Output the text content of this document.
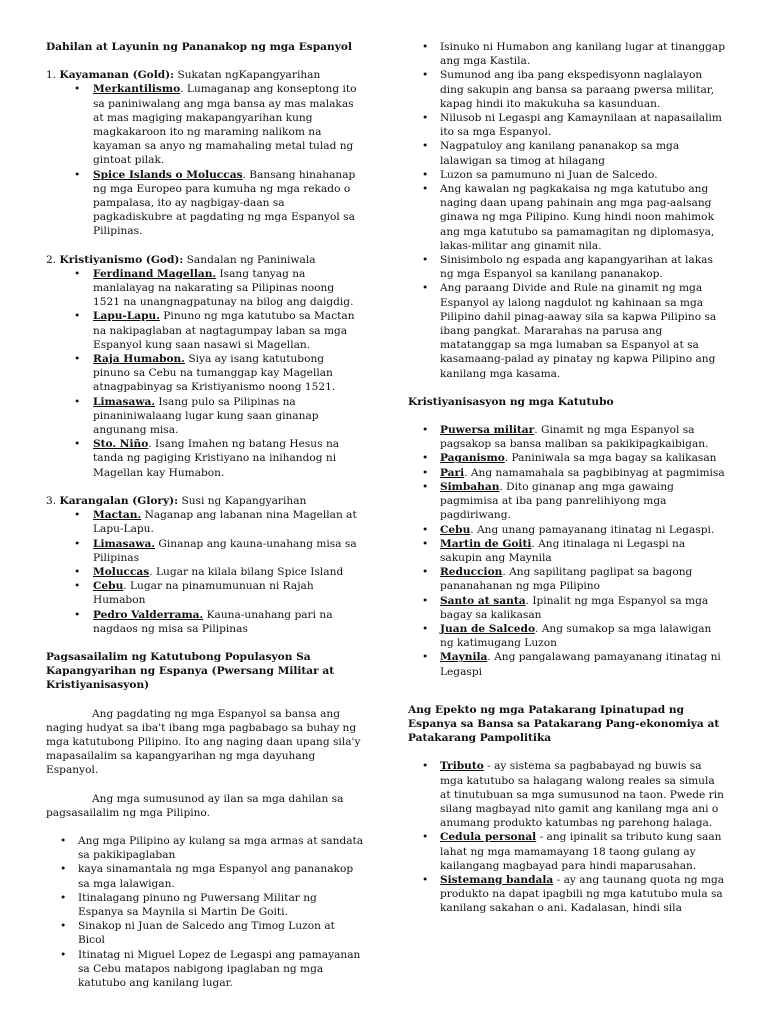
Dahilan at Layunin ng Pananakop ng mga Espanyol

1. Kayamanan (Gold): Sukatan ngKapangyarihan

• Merkantilismo. Lumaganap ang konseptong ito sa paniniwalang ang mga bansa ay mas malakas at mas magiging makapangyarihan kung magkakaroon ito ng maraming nalikom na kayaman sa anyo ng mamahaling metal tulad ng gintoat pilak.
• Spice Islands o Moluccas. Bansang hinahanap ng mga Europeo para kumuha ng mga rekado o pampalasa, ito ay nagbigay-daan sa pagkadiskubre at pagdating ng mga Espanyol sa Pilipinas.

2. Kristiyanismo (God): Sandalan ng Paniniwala

• Ferdinand Magellan. Isang tanyag na manlalayag na nakarating sa Pilipinas noong 1521 na unangnagpatunay na bilog ang daigdig.
• Lapu-Lapu. Pinuno ng mga katutubo sa Mactan na nakipaglaban at nagtagumpay laban sa mga Espanyol kung saan nasawi si Magellan.
• Raja Humabon. Siya ay isang katutubong pinuno sa Cebu na tumanggap kay Magellan atnagpabinyag sa Kristiyanismo noong 1521.
• Limasawa. Isang pulo sa Pilipinas na pinaniniwalaang lugar kung saan ginanap angunang misa.
• Sto. Niño. Isang Imahen ng batang Hesus na tanda ng pagiging Kristiyano na inihandog ni Magellan kay Humabon.

3. Karangalan (Glory): Susi ng Kapangyarihan

• Mactan. Naganap ang labanan nina Magellan at Lapu-Lapu.
• Limasawa. Ginanap ang kauna-unahang misa sa Pilipinas
• Moluccas. Lugar na kilala bilang Spice Island
• Cebu. Lugar na pinamumunuan ni Rajah Humabon
• Pedro Valderrama. Kauna-unahang pari na nagdaos ng misa sa Pilipinas

Pagsasailalim ng Katutubong Populasyon Sa Kapangyarihan ng Espanya (Pwersang Militar at Kristiyanisasyon)

Ang pagdating ng mga Espanyol sa bansa ang naging hudyat sa iba't ibang mga pagbabago sa buhay ng mga katutubong Pilipino. Ito ang naging daan upang sila'y mapasailalim sa kapangyarihan ng mga dayuhang Espanyol.

Ang mga sumusunod ay ilan sa mga dahilan sa pagsasailalim ng mga Pilipino.

• Ang mga Pilipino ay kulang sa mga armas at sandata sa pakikipaglaban
• kaya sinamantala ng mga Espanyol ang pananakop sa mga lalawigan.
• Itinalagang pinuno ng Puwersang Militar ng Espanya sa Maynila si Martin De Goiti.
• Sinakop ni Juan de Salcedo ang Timog Luzon at Bicol
• Itinatag ni Miguel Lopez de Legaspi ang pamayanan sa Cebu matapos nabigong ipaglaban ng mga katutubo ang kanilang lugar.
• Isinuko ni Humabon ang kanilang lugar at tinanggap ang mga Kastila.
• Sumunod ang iba pang ekspedisyonn naglalayon ding sakupin ang bansa sa paraang pwersa militar, kapag hindi ito makukuha sa kasunduan.
• Nilusob ni Legaspi ang Kamaynilaan at napasailalim ito sa mga Espanyol.
• Nagpatuloy ang kanilang pananakop sa mga lalawigan sa timog at hilagang
• Luzon sa pamumuno ni Juan de Salcedo.
• Ang kawalan ng pagkakaisa ng mga katutubo ang naging daan upang pahinain ang mga pag-aalsang ginawa ng mga Pilipino. Kung hindi noon mahimok ang mga katutubo sa pamamagitan ng diplomasya, lakas-militar ang ginamit nila.
• Sinisimbolo ng espada ang kapangyarihan at lakas ng mga Espanyol sa kanilang pananakop.
• Ang paraang Divide and Rule na ginamit ng mga Espanyol ay lalong nagdulot ng kahinaan sa mga Pilipino dahil pinag-aaway sila sa kapwa Pilipino sa ibang pangkat. Mararahas na parusa ang matatanggap sa mga lumaban sa Espanyol at sa kasamaang-palad ay pinatay ng kapwa Pilipino ang kanilang mga kasama.

Kristiyanisasyon ng mga Katutubo

• Puwersa militar. Ginamit ng mga Espanyol sa pagsakop sa bansa maliban sa pakikipagkaibigan.
• Paganismo. Paniniwala sa mga bagay sa kalikasan
• Pari. Ang namamahala sa pagbibinyag at pagmimisa
• Simbahan. Dito ginanap ang mga gawaing pagmimisa at iba pang panrelihiyong mga pagdiriwang.
• Cebu. Ang unang pamayanang itinatag ni Legaspi.
• Martin de Goiti. Ang itinalaga ni Legaspi na sakupin ang Maynila
• Reduccion. Ang sapilitang paglipat sa bagong pananahanan ng mga Pilipino
• Santo at santa. Ipinalit ng mga Espanyol sa mga bagay sa kalikasan
• Juan de Salcedo. Ang sumakop sa mga lalawigan ng katimugang Luzon
• Maynila. Ang pangalawang pamayanang itinatag ni Legaspi

Ang Epekto ng mga Patakarang Ipinatupad ng Espanya sa Bansa sa Patakarang Pang-ekonomiya at Patakarang Pampolitika

• Tributo - ay sistema sa pagbabayad ng buwis sa mga katutubo sa halagang walong reales sa simula at tinutubuan sa mga sumusunod na taon. Pwede rin silang magbayad nito gamit ang kanilang mga ani o anumang produkto katumbas ng parehong halaga.
• Cedula personal - ang ipinalit sa tributo kung saan lahat ng mga mamamayang 18 taong gulang ay kailangang magbayad para hindi maparusahan.
• Sistemang bandala - ay ang taunang quota ng mga produkto na dapat ipagbili ng mga katutubo mula sa kanilang sakahan o ani. Kadalasan, hindi sila
